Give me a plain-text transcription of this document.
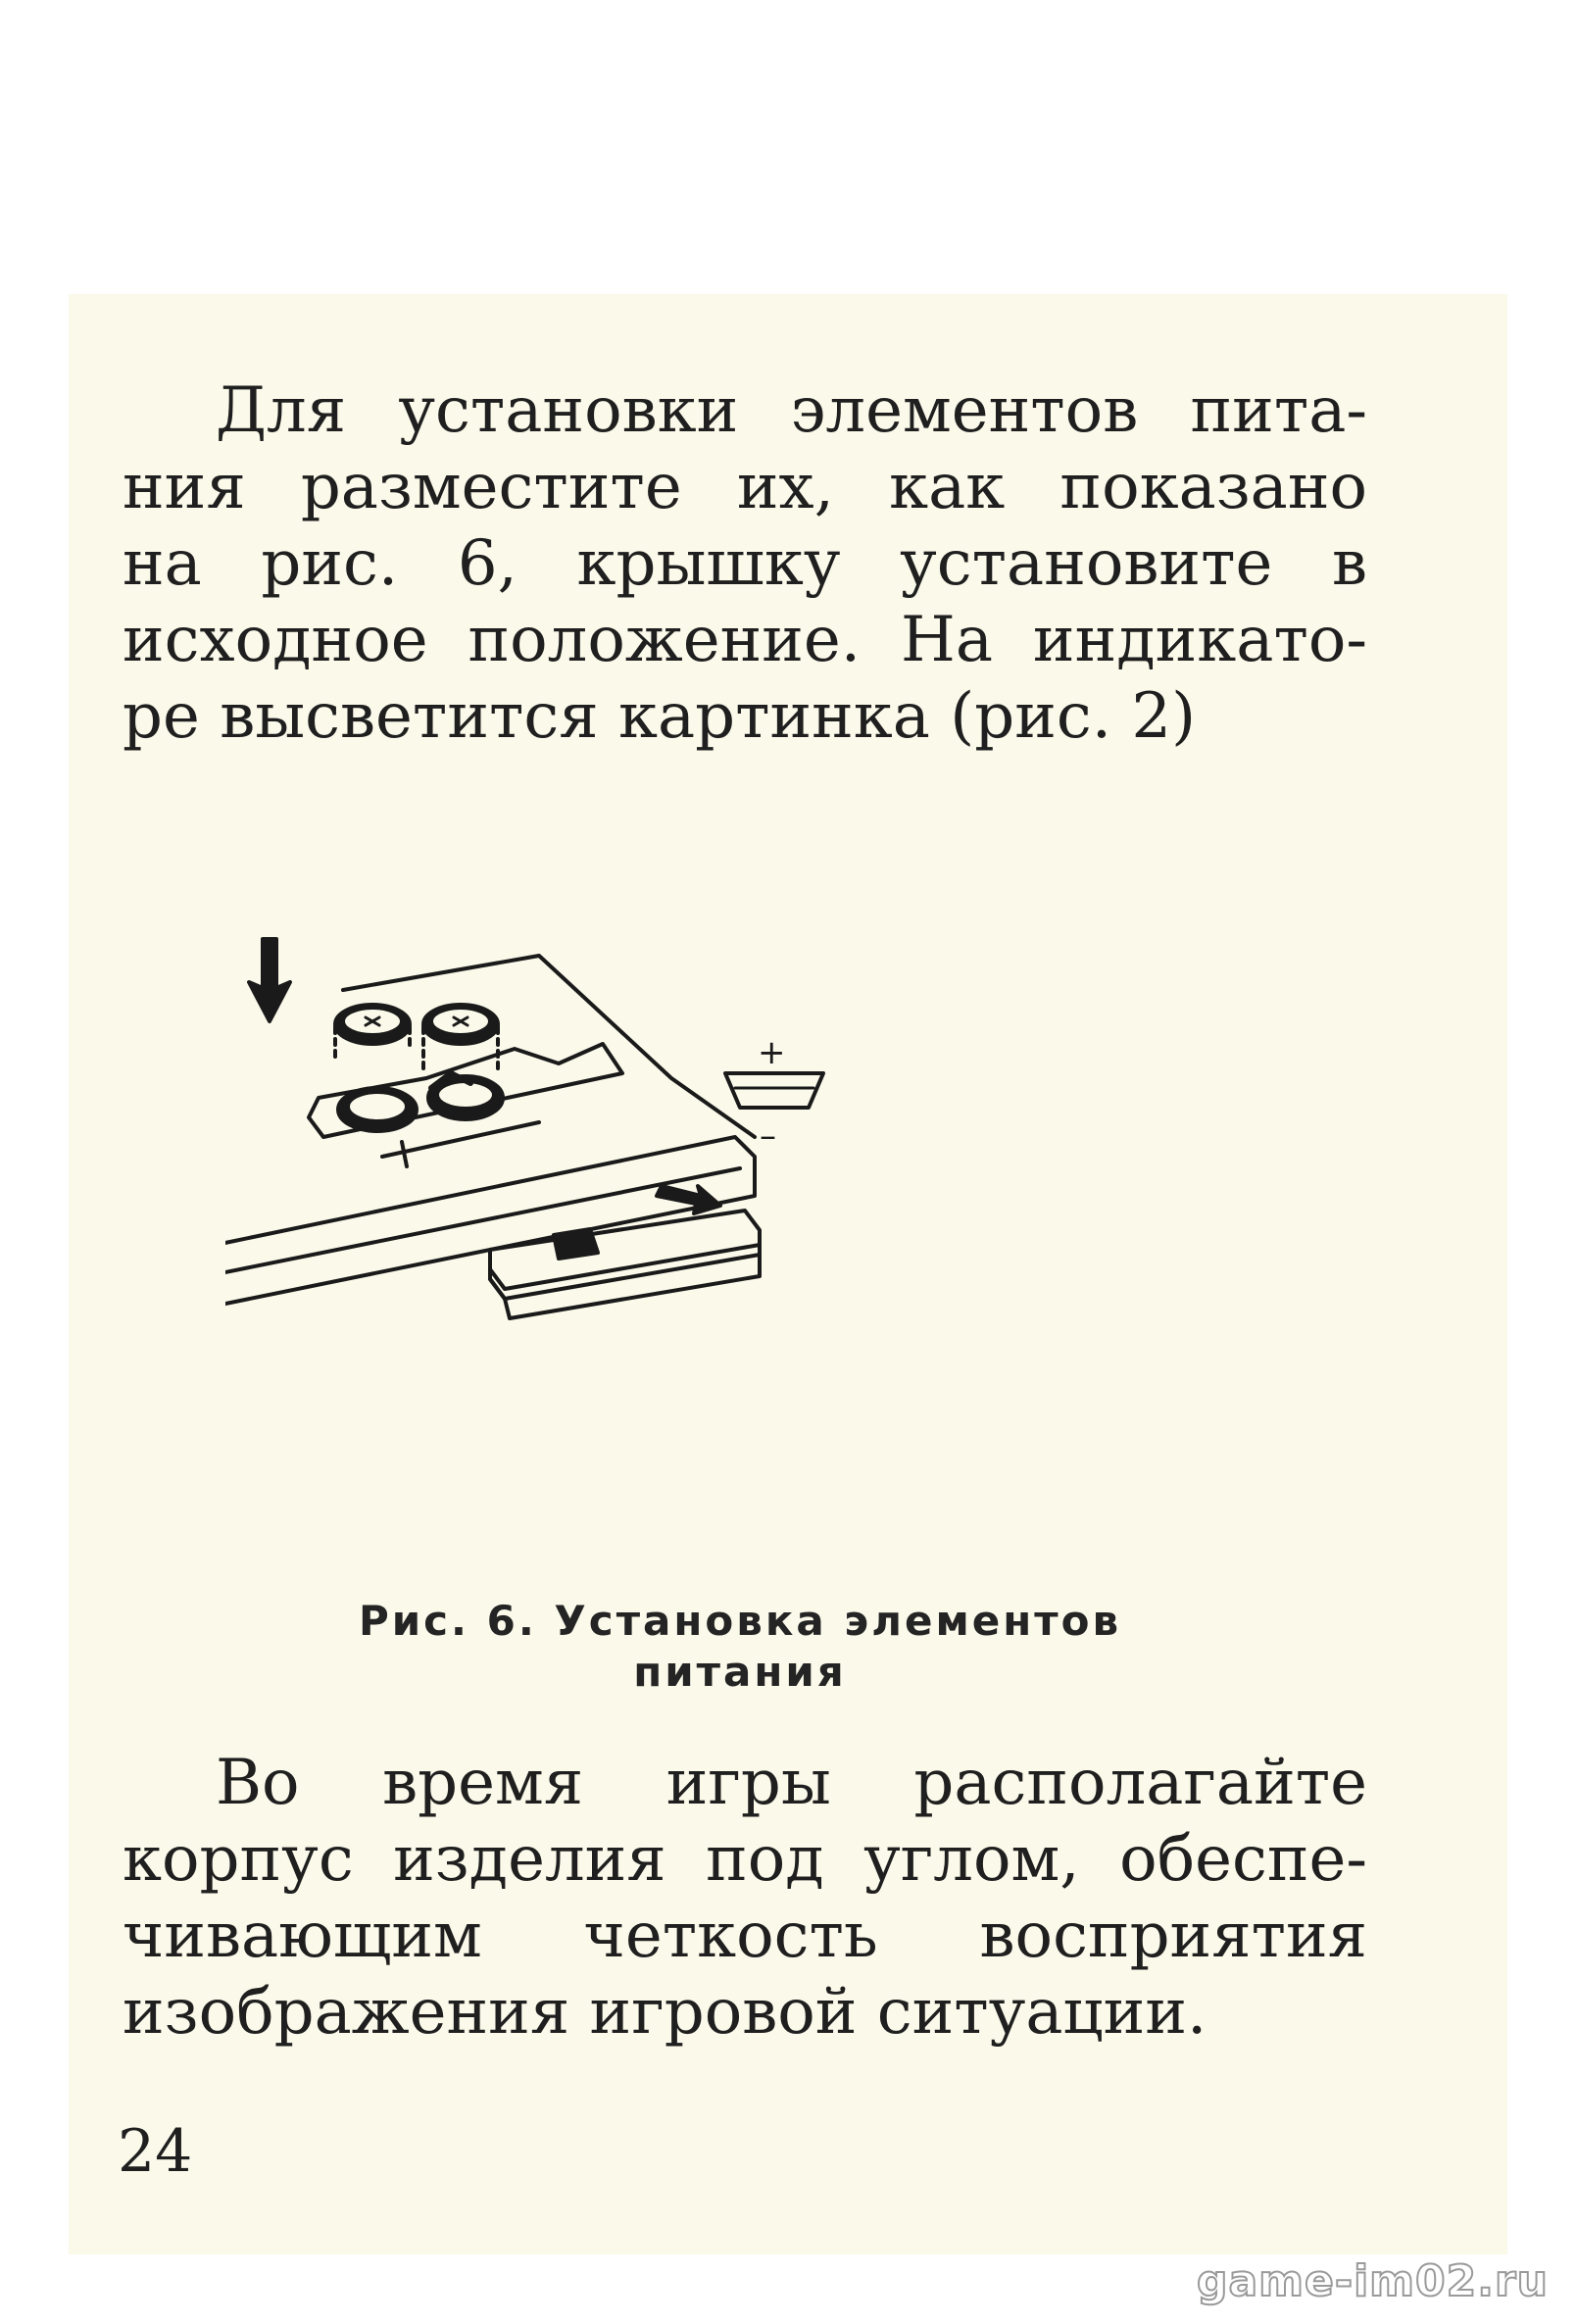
Для установки элементов пита-
ния разместите их, как показано
на рис. 6, крышку установите в
исходное положение. На индикато-
ре высветится картинка (рис. 2)

+
–

Рис. 6. Установка элементов
питания

Во время игры располагайте
корпус изделия под углом, обеспе-
чивающим четкость восприятия
изображения игровой ситуации.

24
game-im02.ru
